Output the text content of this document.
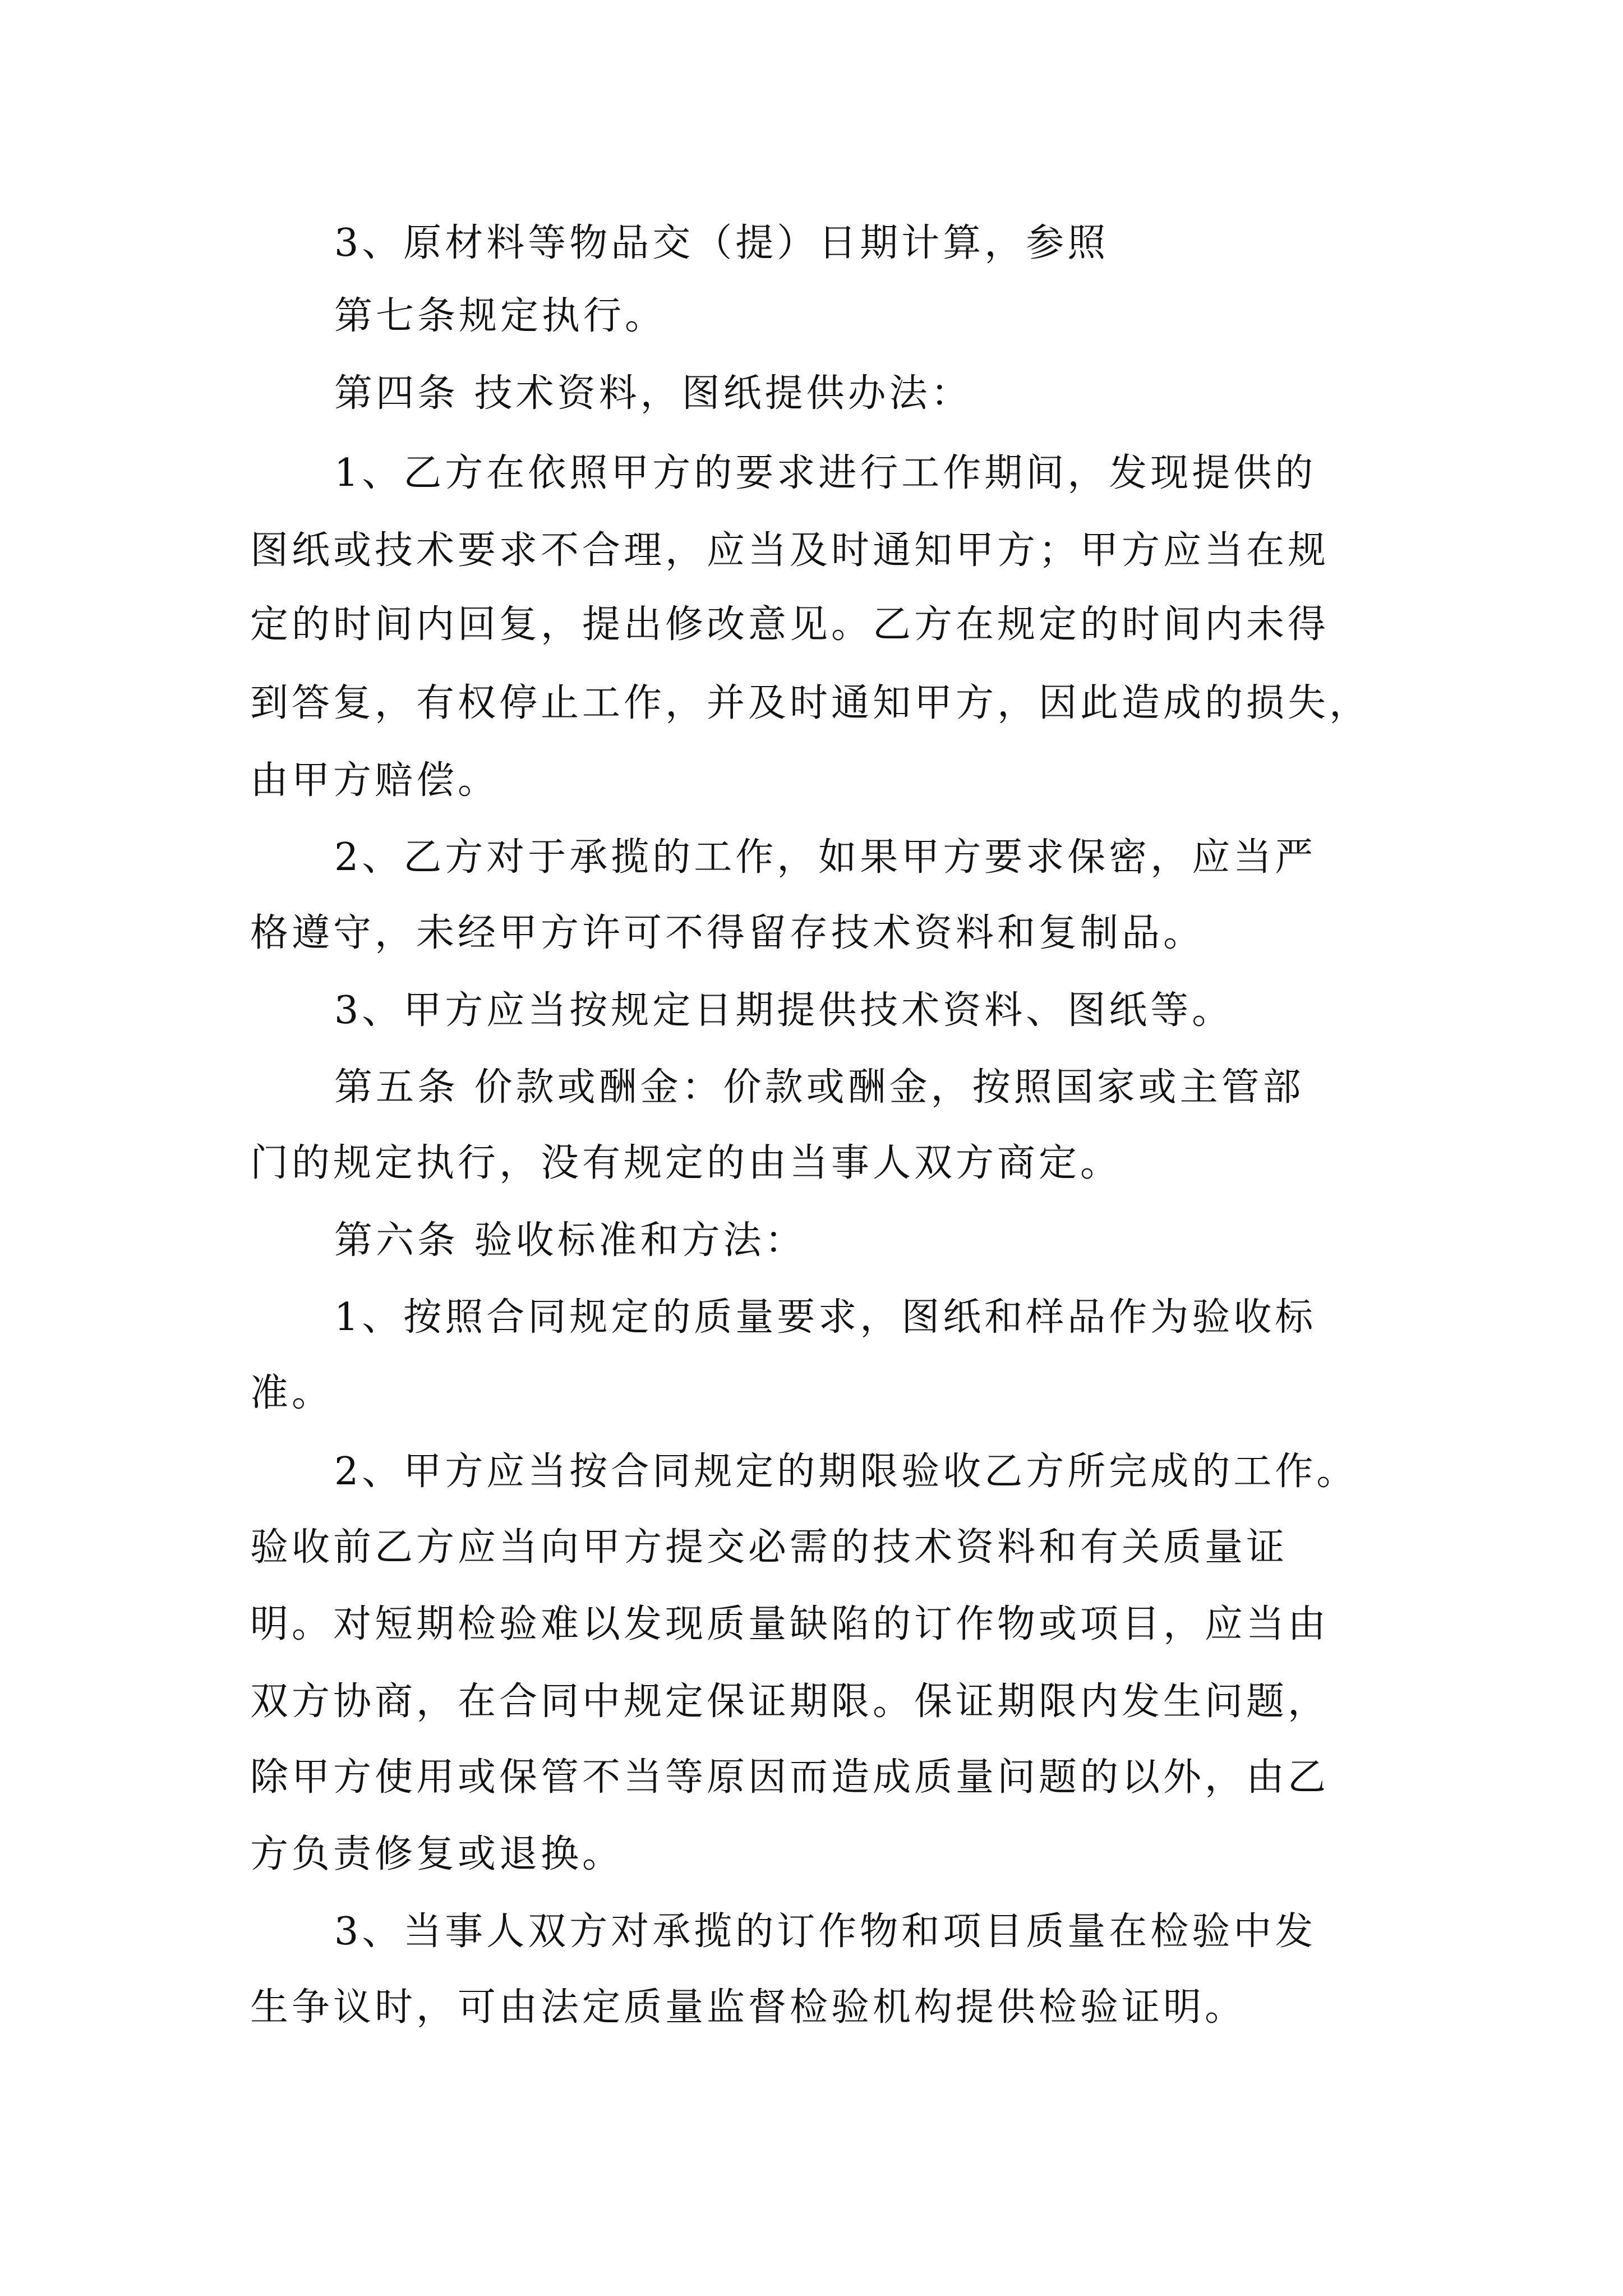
3、原材料等物品交（提）日期计算，参照

第七条规定执行。

第四条 技术资料，图纸提供办法：

1、乙方在依照甲方的要求进行工作期间，发现提供的

图纸或技术要求不合理，应当及时通知甲方；甲方应当在规

定的时间内回复，提出修改意见。乙方在规定的时间内未得

到答复，有权停止工作，并及时通知甲方，因此造成的损失，

由甲方赔偿。

2、乙方对于承揽的工作，如果甲方要求保密，应当严

格遵守，未经甲方许可不得留存技术资料和复制品。

3、甲方应当按规定日期提供技术资料、图纸等。

第五条 价款或酬金：价款或酬金，按照国家或主管部

门的规定执行，没有规定的由当事人双方商定。

第六条 验收标准和方法：

1、按照合同规定的质量要求，图纸和样品作为验收标

准。

2、甲方应当按合同规定的期限验收乙方所完成的工作。

验收前乙方应当向甲方提交必需的技术资料和有关质量证

明。对短期检验难以发现质量缺陷的订作物或项目，应当由

双方协商，在合同中规定保证期限。保证期限内发生问题，

除甲方使用或保管不当等原因而造成质量问题的以外，由乙

方负责修复或退换。

3、当事人双方对承揽的订作物和项目质量在检验中发

生争议时，可由法定质量监督检验机构提供检验证明。
